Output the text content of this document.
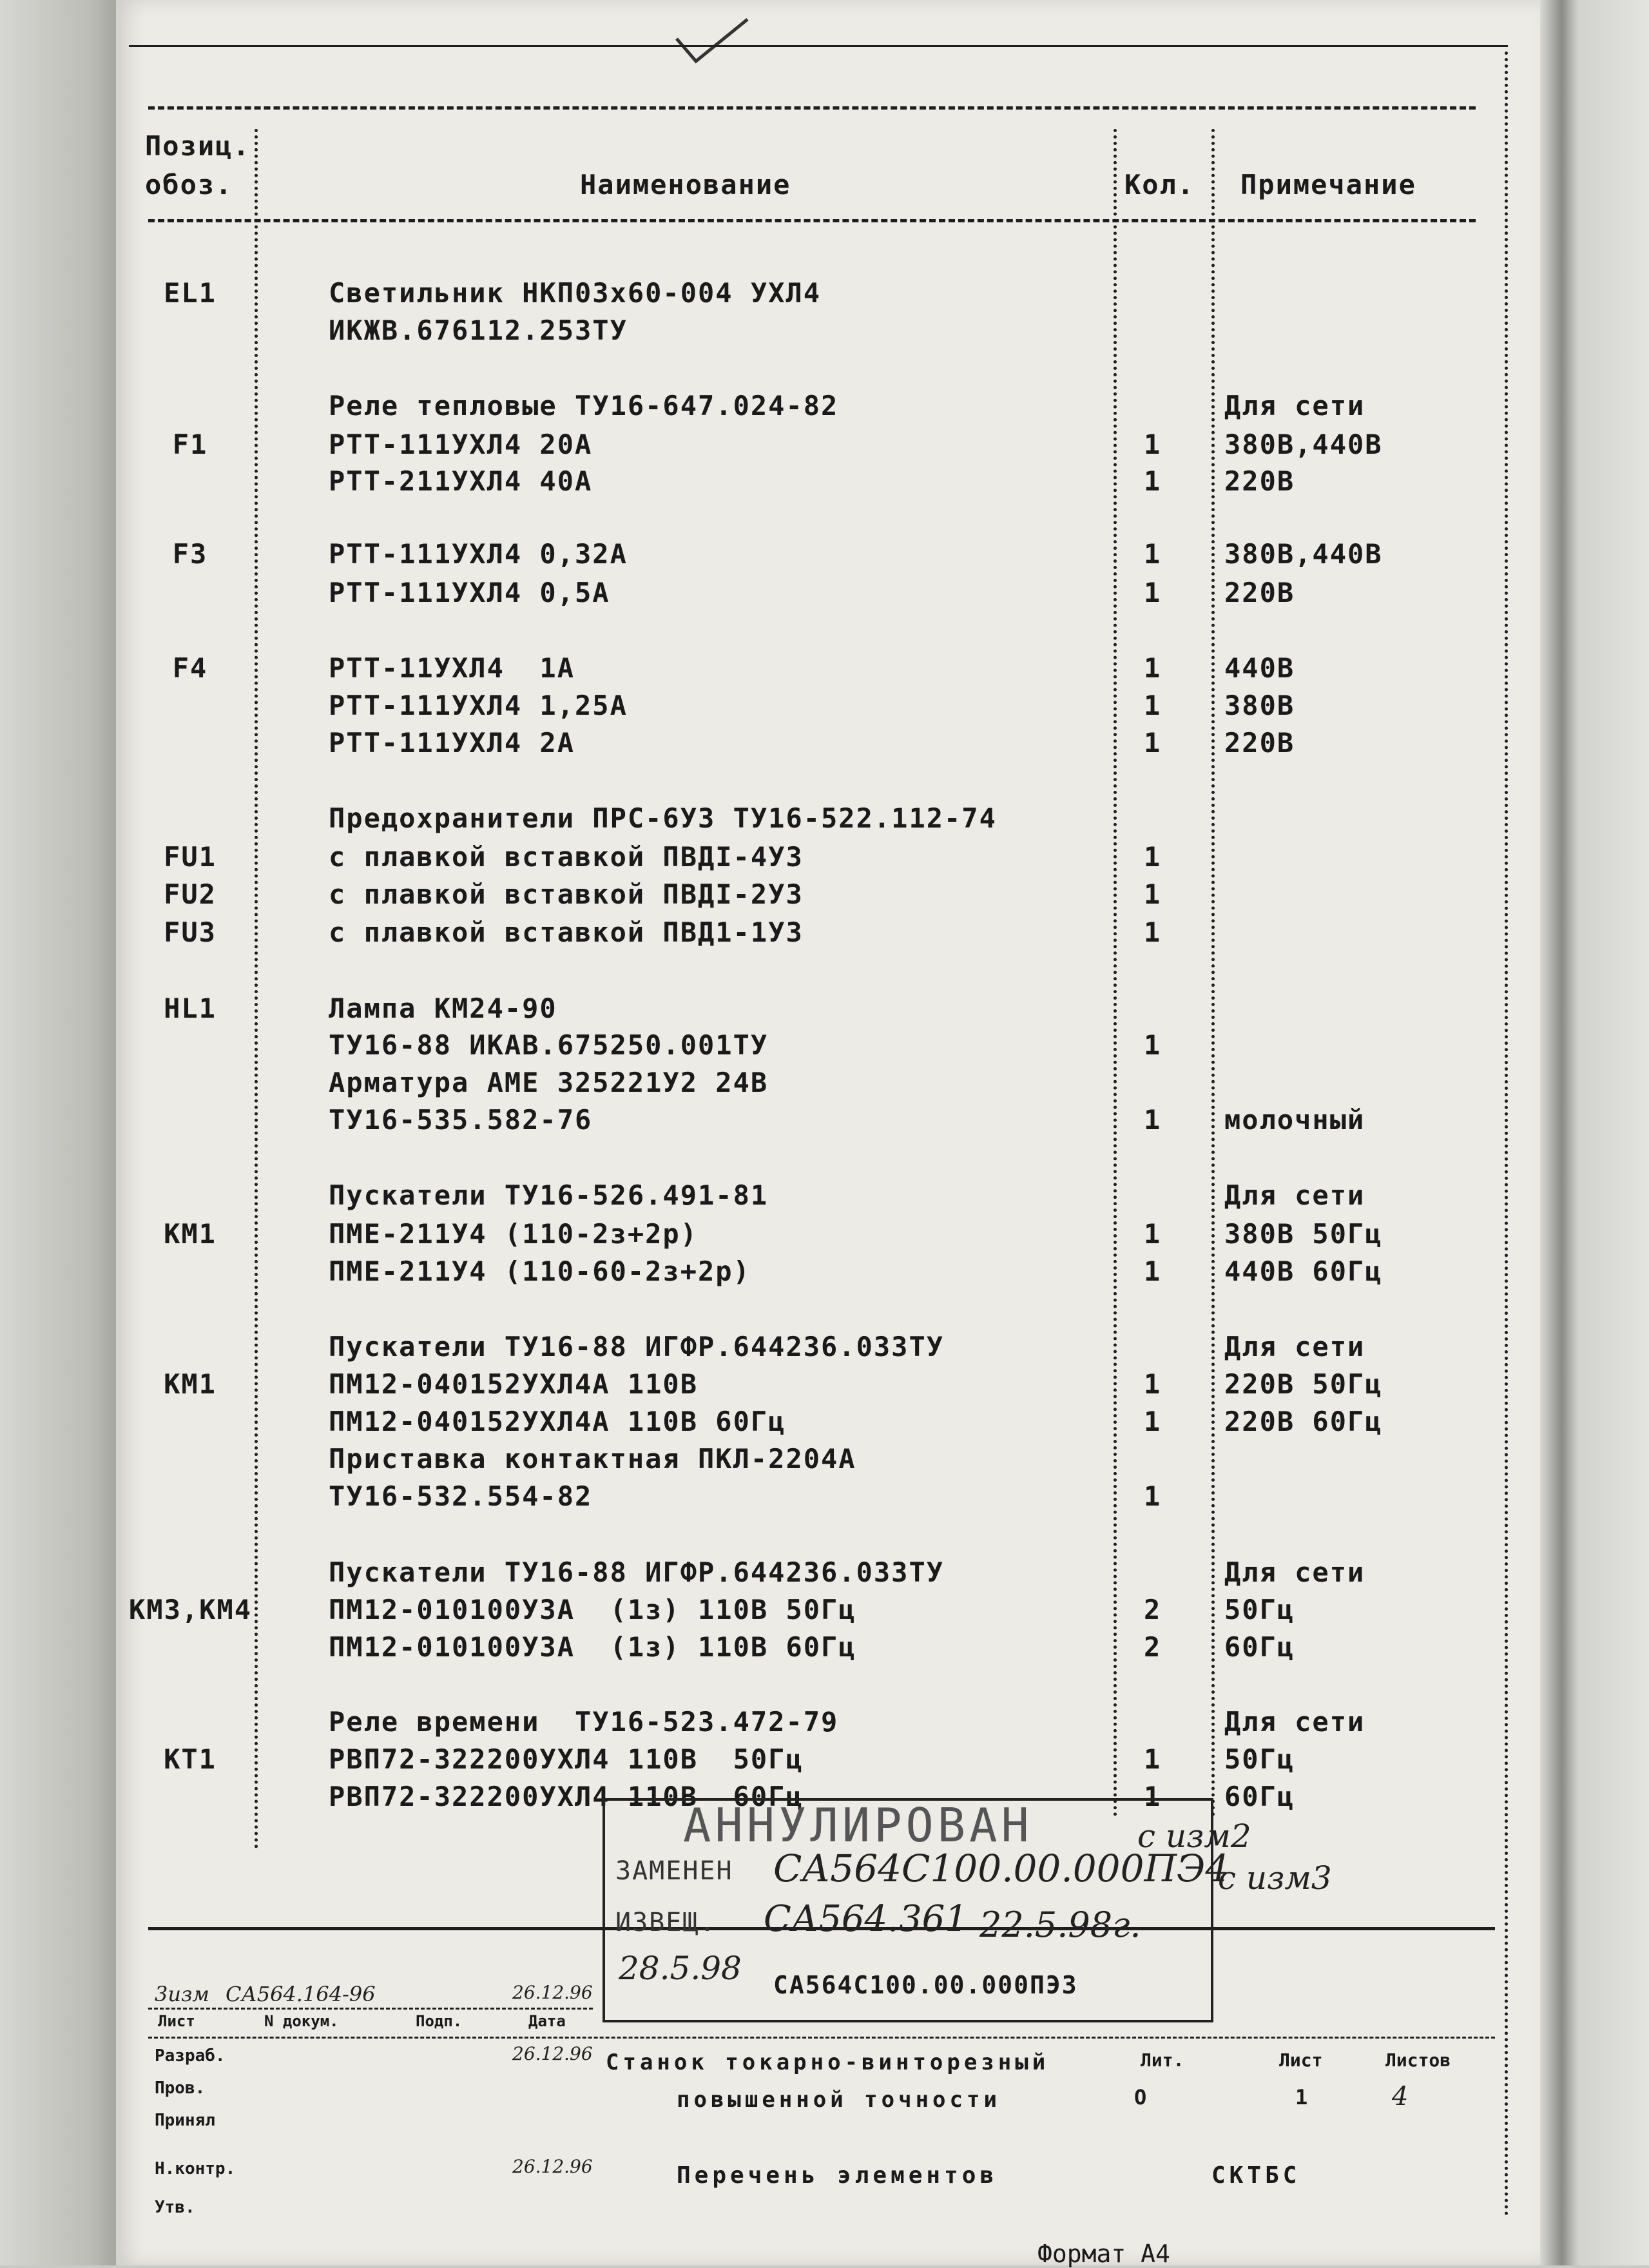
Позиц.
обоз.	Наименование	Кол. Примечание
EL1	Светильник НКП03х60-004 УХЛ4
ИКЖВ.676112.253ТУ
Реле тепловые ТУ16-647.024-82	Для сети
F1	РТТ-111УХЛ4 20А	1 380В,440В
РТТ-211УХЛ4 40А	1 220В
F3	РТТ-111УХЛ4 0,32А	1 380В,440В
РТТ-111УХЛ4 0,5А	1 220В
F4	РТТ-11УХЛ4  1А	1 440В
РТТ-111УХЛ4 1,25А	1 380В
РТТ-111УХЛ4 2А	1 220В
Предохранители ПРС-6УЗ ТУ16-522.112-74
FU1	с плавкой вставкой ПВДI-4УЗ	1
FU2	с плавкой вставкой ПВДI-2УЗ	1
FU3	с плавкой вставкой ПВД1-1УЗ	1
HL1	Лампа КМ24-90
ТУ16-88 ИКАВ.675250.001ТУ	1
Арматура АМЕ 325221У2 24В
ТУ16-535.582-76	1 молочный
Пускатели ТУ16-526.491-81	Для сети
КМ1	ПМЕ-211У4 (110-2з+2р)	1 380В 50Гц
ПМЕ-211У4 (110-60-2з+2р)	1 440В 60Гц
Пускатели ТУ16-88 ИГФР.644236.033ТУ	Для сети
КМ1	ПМ12-040152УХЛ4А 110В	1 220В 50Гц
ПМ12-040152УХЛ4А 110В 60Гц	1 220В 60Гц
Приставка контактная ПКЛ-2204А
ТУ16-532.554-82	1
Пускатели ТУ16-88 ИГФР.644236.033ТУ	Для сети
КМ3,КМ4	ПМ12-010100У3А  (1з) 110В 50Гц	2 50Гц
ПМ12-010100У3А  (1з) 110В 60Гц	2 60Гц
Реле времени  ТУ16-523.472-79	Для сети
КТ1	РВП72-322200УХЛ4 110В  50Гц	1 50Гц
РВП72-322200УХЛ4 110В  60Гц	1 60Гц
АННУЛИРОВАН
ЗАМЕНЕН СА564С100.00.000ПЭ4
ИЗВЕЩ. СА564.361 22.5.98г.
28.5.98
с изм2
с изм3
СА564С100.00.000ПЭ3
3изм СА564.164-96	26.12.96
Лист	N докум.	Подп.	Дата
Разраб.	26.12.96
Пров.
Принял
Н.контр.	26.12.96
Утв.
Станок токарно-винторезный
повышенной точности
Перечень элементов
Лит.	Лист	Листов
О	1	4
СКТБС
Формат А4
